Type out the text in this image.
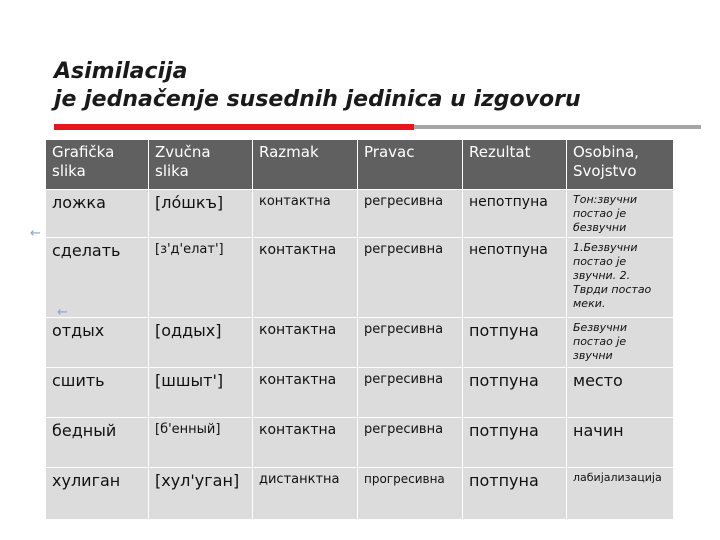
Asimilacija
je jednačenje susednih jedinica u izgovoru
Grafička slika	Zvučna slika	Razmak	Pravac	Rezultat	Osobina, Svojstvo
ложка	[ло́шкъ]	контактна	регресивна	непотпуна	Тон:звучни постао је безвучни
сделать	[з'д'елат']	контактна	регресивна	непотпуна	1.Безвучни постао је звучни. 2. Тврди постао меки.
отдых	[оддых]	контактна	регресивна	потпуна	Безвучни постао је звучни
сшить	[шшыт']	контактна	регресивна	потпуна	место
бедный	[б'енный]	контактна	регресивна	потпуна	начин
хулиган	[хул'уган]	дистанктна	прогресивна	потпуна	лабијализација
←
←
